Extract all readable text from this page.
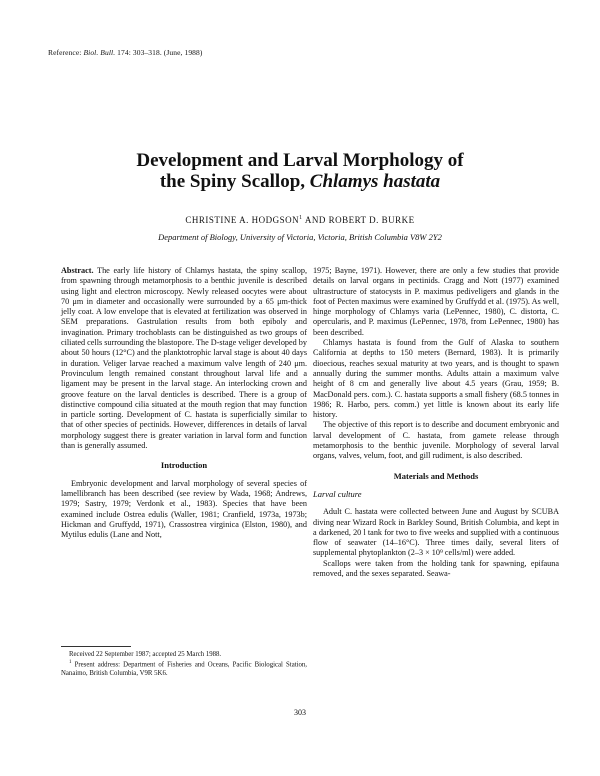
Reference: Biol. Bull. 174: 303–318. (June, 1988)
Development and Larval Morphology of
the Spiny Scallop, Chlamys hastata
CHRISTINE A. HODGSON$^1$ AND ROBERT D. BURKE
Department of Biology, University of Victoria, Victoria, British Columbia V8W 2Y2

Abstract. The early life history of Chlamys hastata, the spiny scallop, from spawning through metamorphosis to a benthic juvenile is described using light and electron microscopy. Newly released oocytes were about 70 μm in diameter and occasionally were surrounded by a 65 μm-thick jelly coat. A low envelope that is elevated at fertilization was observed in SEM preparations. Gastrulation results from both epiboly and invagination. Primary trochoblasts can be distinguished as two groups of ciliated cells surrounding the blastopore. The D-stage veliger developed by about 50 hours (12°C) and the planktotrophic larval stage is about 40 days in duration. Veliger larvae reached a maximum valve length of 240 μm. Provinculum length remained constant throughout larval life and a ligament may be present in the larval stage. An interlocking crown and groove feature on the larval denticles is described. There is a group of distinctive compound cilia situated at the mouth region that may function in particle sorting. Development of C. hastata is superficially similar to that of other species of pectinids. However, differences in details of larval morphology suggest there is greater variation in larval form and function than is generally assumed.

Introduction

Embryonic development and larval morphology of several species of lamellibranch has been described (see review by Wada, 1968; Andrews, 1979; Sastry, 1979; Verdonk et al., 1983). Species that have been examined include Ostrea edulis (Waller, 1981; Cranfield, 1973a, 1973b; Hickman and Gruffydd, 1971), Crassostrea virginica (Elston, 1980), and Mytilus edulis (Lane and Nott,

Received 22 September 1987; accepted 25 March 1988.

$^1$ Present address: Department of Fisheries and Oceans, Pacific Biological Station, Nanaimo, British Columbia, V9R 5K6.

1975; Bayne, 1971). However, there are only a few studies that provide details on larval organs in pectinids. Cragg and Nott (1977) examined ultrastructure of statocysts in P. maximus pediveligers and glands in the foot of Pecten maximus were examined by Gruffydd et al. (1975). As well, hinge morphology of Chlamys varia (LePennec, 1980), C. distorta, C. opercularis, and P. maximus (LePennec, 1978, from LePennec, 1980) has been described.

Chlamys hastata is found from the Gulf of Alaska to southern California at depths to 150 meters (Bernard, 1983). It is primarily dioecious, reaches sexual maturity at two years, and is thought to spawn annually during the summer months. Adults attain a maximum valve height of 8 cm and generally live about 4.5 years (Grau, 1959; B. MacDonald pers. com.). C. hastata supports a small fishery (68.5 tonnes in 1986; R. Harbo, pers. comm.) yet little is known about its early life history.

The objective of this report is to describe and document embryonic and larval development of C. hastata, from gamete release through metamorphosis to the benthic juvenile. Morphology of several larval organs, valves, velum, foot, and gill rudiment, is also described.

Materials and Methods
Larval culture

Adult C. hastata were collected between June and August by SCUBA diving near Wizard Rock in Barkley Sound, British Columbia, and kept in a darkened, 20 l tank for two to five weeks and supplied with a continuous flow of seawater (14–16°C). Three times daily, several liters of supplemental phytoplankton (2–3 × 10⁹ cells/ml) were added.

Scallops were taken from the holding tank for spawning, epifauna removed, and the sexes separated. Seawa-

303
